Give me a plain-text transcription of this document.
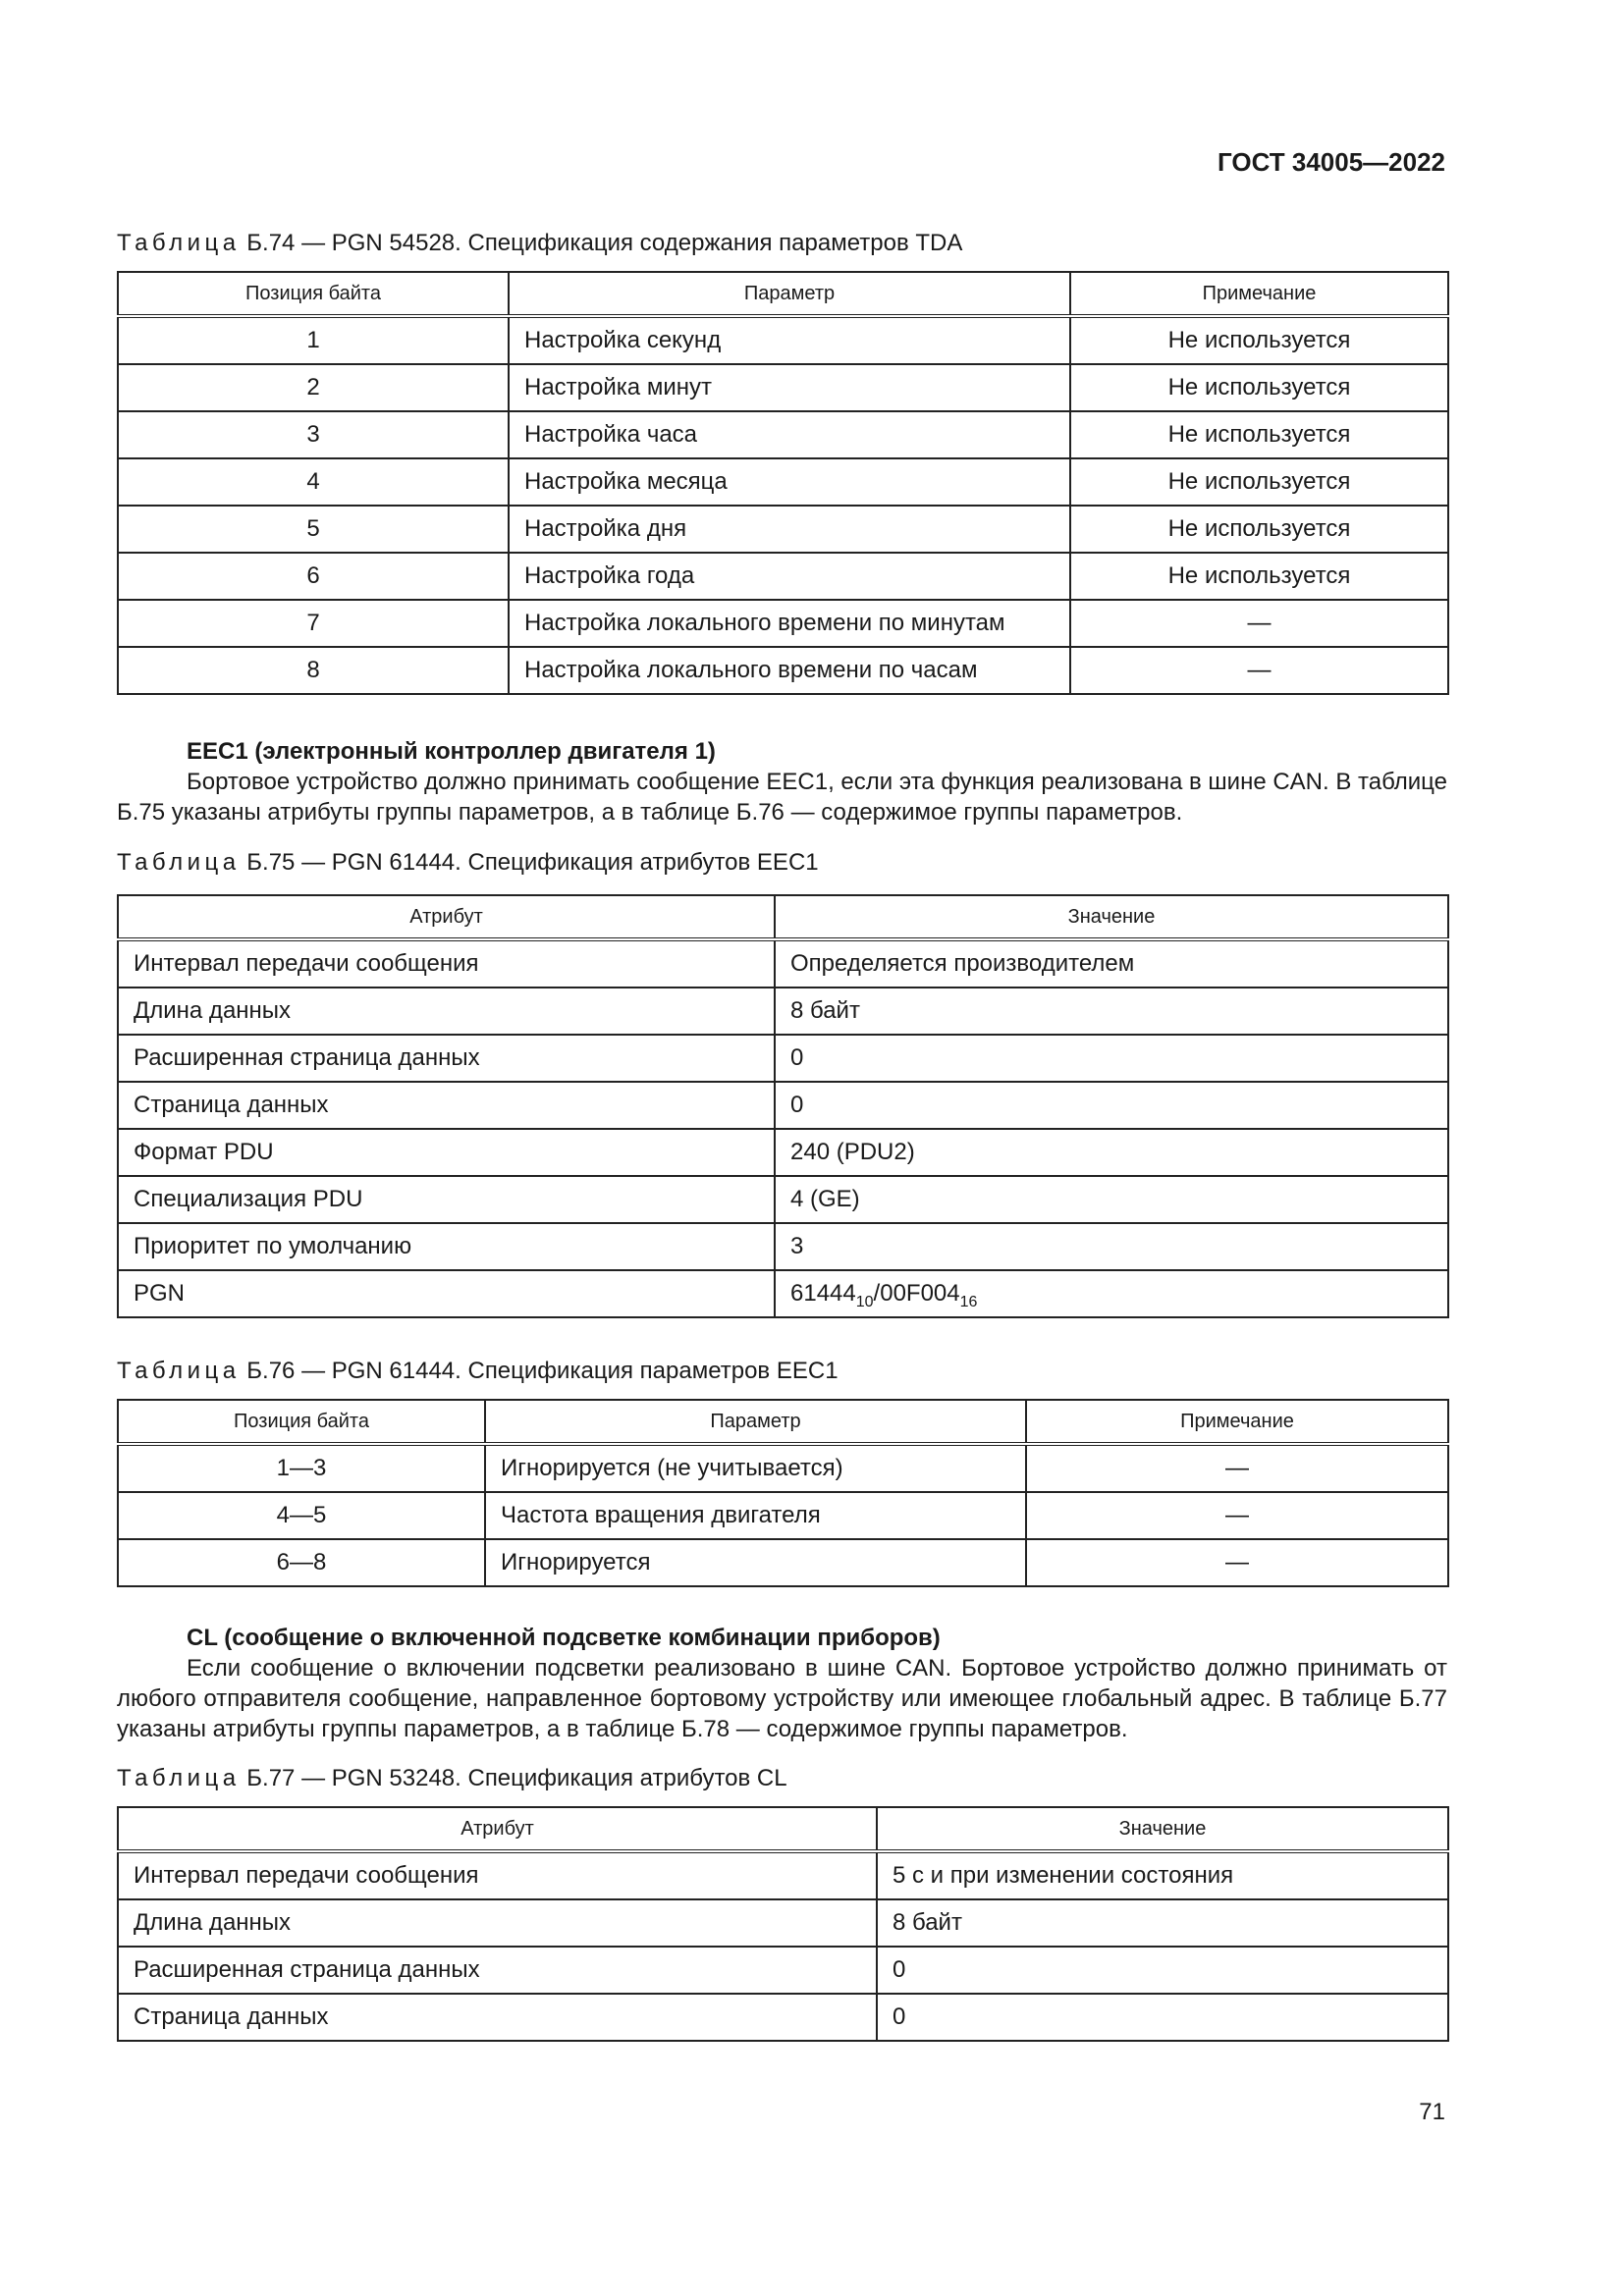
ГОСТ 34005—2022
Таблица Б.74 — PGN 54528. Спецификация содержания параметров TDA
Позиция байта	Параметр	Примечание
1	Настройка секунд	Не используется
2	Настройка минут	Не используется
3	Настройка часа	Не используется
4	Настройка месяца	Не используется
5	Настройка дня	Не используется
6	Настройка года	Не используется
7	Настройка локального времени по минутам	—
8	Настройка локального времени по часам	—
EEC1 (электронный контроллер двигателя 1)

Бортовое устройство должно принимать сообщение EEC1, если эта функция реализована в шине CAN. В таблице Б.75 указаны атрибуты группы параметров, а в таблице Б.76 — содержимое группы параметров.

Таблица Б.75 — PGN 61444. Спецификация атрибутов EEC1
Атрибут	Значение
Интервал передачи сообщения	Определяется производителем
Длина данных	8 байт
Расширенная страница данных	0
Страница данных	0
Формат PDU	240 (PDU2)
Специализация PDU	4 (GE)
Приоритет по умолчанию	3
PGN	$61444_{10}/00F004_{16}$
Таблица Б.76 — PGN 61444. Спецификация параметров EEC1
Позиция байта	Параметр	Примечание
1—3	Игнорируется (не учитывается)	—
4—5	Частота вращения двигателя	—
6—8	Игнорируется	—
CL (сообщение о включенной подсветке комбинации приборов)

Если сообщение о включении подсветки реализовано в шине CAN. Бортовое устройство должно принимать от любого отправителя сообщение, направленное бортовому устройству или имеющее глобальный адрес. В таблице Б.77 указаны атрибуты группы параметров, а в таблице Б.78 — содержимое группы параметров.

Таблица Б.77 — PGN 53248. Спецификация атрибутов CL
Атрибут	Значение
Интервал передачи сообщения	5 с и при изменении состояния
Длина данных	8 байт
Расширенная страница данных	0
Страница данных	0
71
